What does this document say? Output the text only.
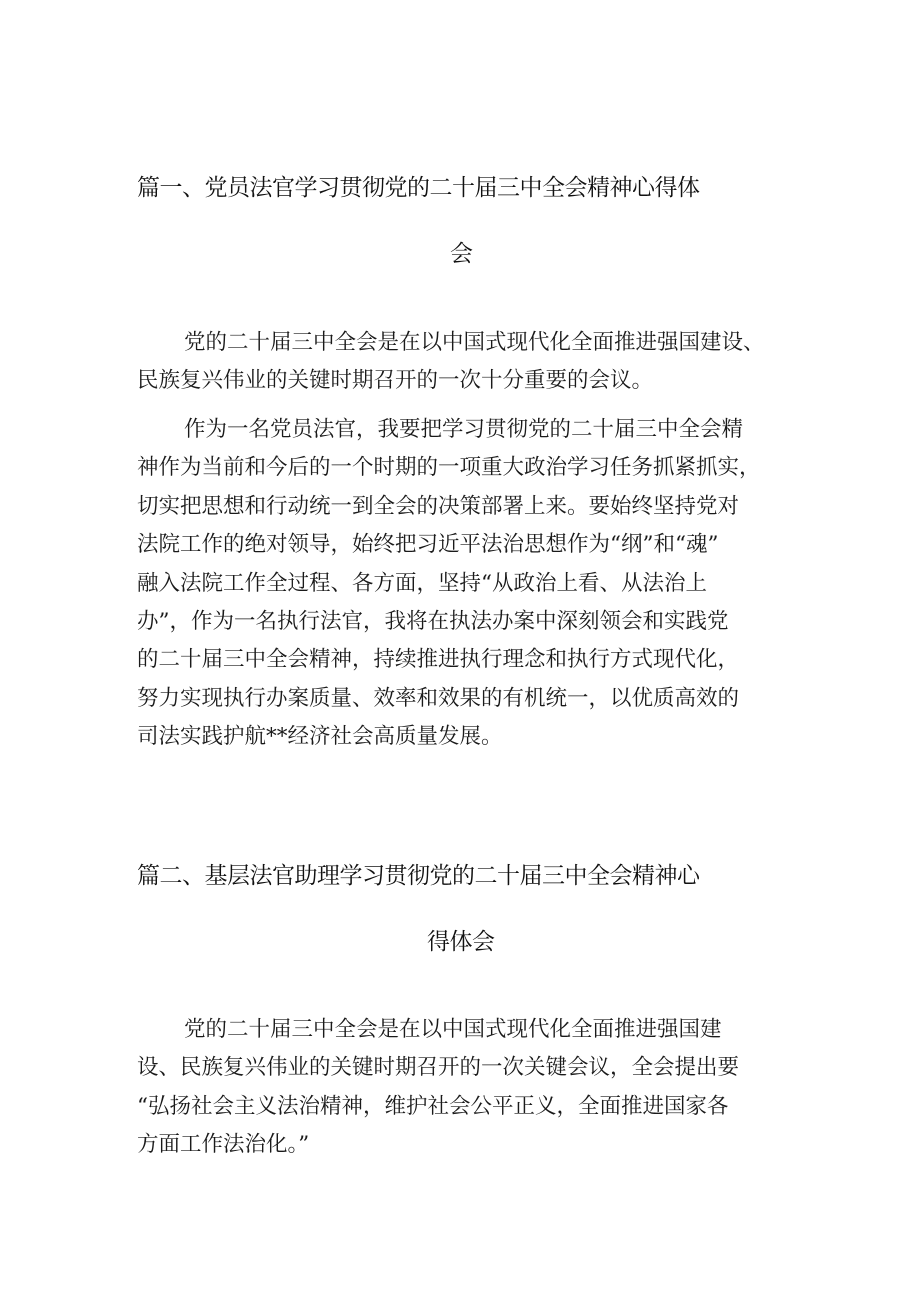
篇一、党员法官学习贯彻党的二十届三中全会精神心得体
会
党的二十届三中全会是在以中国式现代化全面推进强国建设、
民族复兴伟业的关键时期召开的一次十分重要的会议。
作为一名党员法官，我要把学习贯彻党的二十届三中全会精
神作为当前和今后的一个时期的一项重大政治学习任务抓紧抓实，
切实把思想和行动统一到全会的决策部署上来。要始终坚持党对
法院工作的绝对领导，始终把习近平法治思想作为“纲”和“魂”
融入法院工作全过程、各方面，坚持“从政治上看、从法治上
办”，作为一名执行法官，我将在执法办案中深刻领会和实践党
的二十届三中全会精神，持续推进执行理念和执行方式现代化，
努力实现执行办案质量、效率和效果的有机统一，以优质高效的
司法实践护航**经济社会高质量发展。
篇二、基层法官助理学习贯彻党的二十届三中全会精神心
得体会
党的二十届三中全会是在以中国式现代化全面推进强国建
设、民族复兴伟业的关键时期召开的一次关键会议，全会提出要
“弘扬社会主义法治精神，维护社会公平正义，全面推进国家各
方面工作法治化。”
